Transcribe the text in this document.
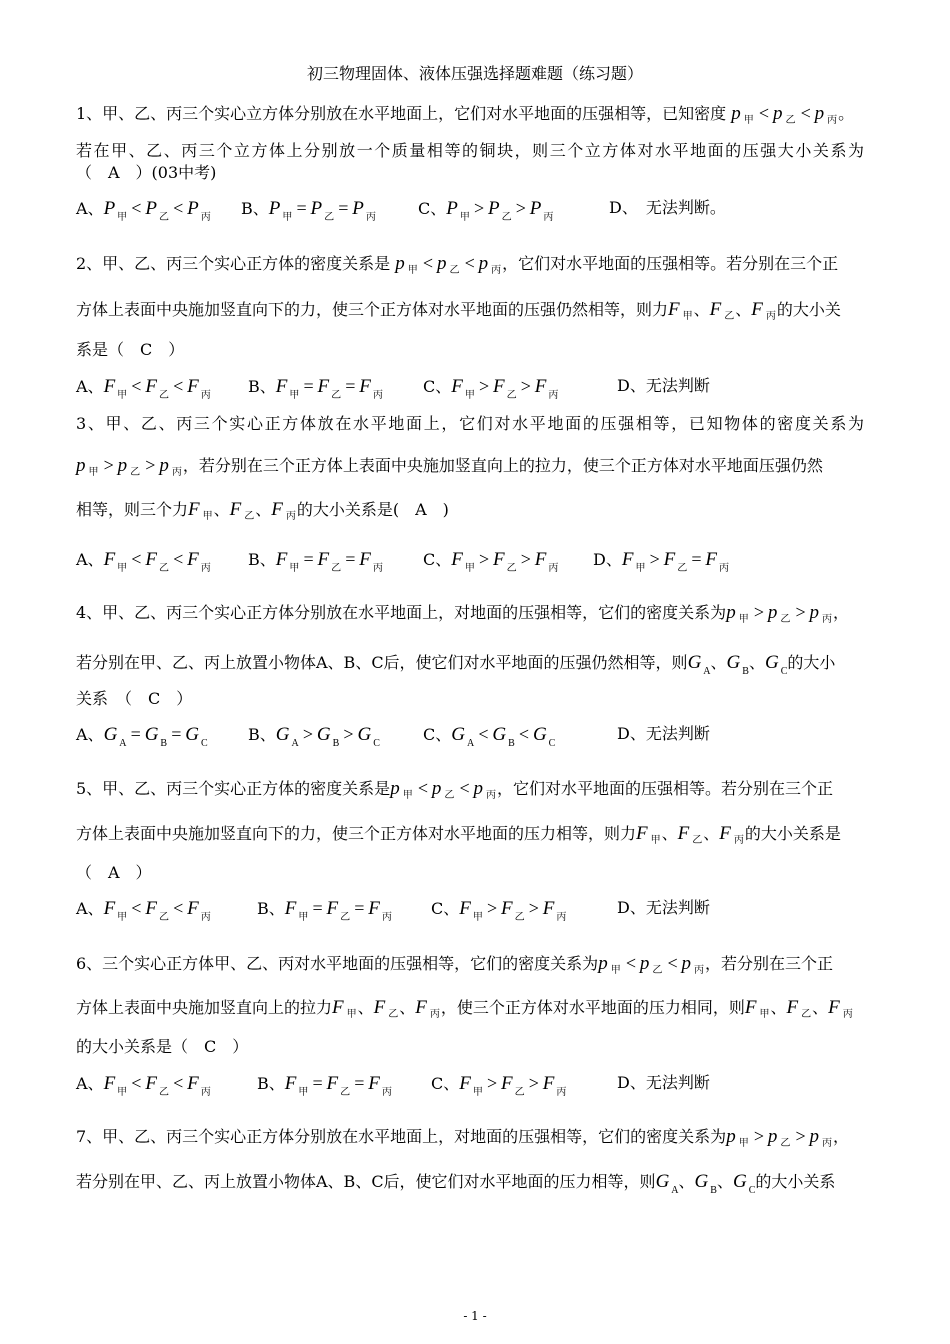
初三物理固体、液体压强选择题难题（练习题）
1、甲、乙、丙三个实心立方体分别放在水平地面上，它们对水平地面的压强相等，已知密度 p $_甲$ < p $_乙$ < p $_丙$。
若在甲、乙、丙三个立方体上分别放一个质量相等的铜块，则三个立方体对水平地面的压强大小关系为
（　A　）(03中考)
A、P $_甲$ < P $_乙$ < P $_丙$ B、P $_甲$ = P $_乙$ = P $_丙$	C、P $_甲$ > P $_乙$ > P $_丙$
D、　无法判断。
2、甲、乙、丙三个实心正方体的密度关系是 p $_甲$ < p $_乙$ < p $_丙$，它们对水平地面的压强相等。若分别在三个正
方体上表面中央施加竖直向下的力，使三个正方体对水平地面的压强仍然相等，则力F $_甲$、F $_乙$、F $_丙$的大小关
系是（　C　）
A、F $_甲$ < F $_乙$ < F $_丙$ B、F $_甲$ = F $_乙$ = F $_丙$	C、F $_甲$ > F $_乙$ > F $_丙$
D、无法判断
3、甲、乙、丙三个实心正方体放在水平地面上，它们对水平地面的压强相等，已知物体的密度关系为
p $_甲$ > p $_乙$ > p $_丙$，若分别在三个正方体上表面中央施加竖直向上的拉力，使三个正方体对水平地面压强仍然
相等，则三个力F $_甲$、F $_乙$、F $_丙$的大小关系是(　A　)
A、F $_甲$ < F $_乙$ < F $_丙$ B、F $_甲$ = F $_乙$ = F $_丙$	C、F $_甲$ > F $_乙$ > F $_丙$ D、F $_甲$ > F $_乙$ = F $_丙$
4、甲、乙、丙三个实心正方体分别放在水平地面上，对地面的压强相等，它们的密度关系为p $_甲$ > p $_乙$ > p $_丙$，
若分别在甲、乙、丙上放置小物体A、B、C后，使它们对水平地面的压强仍然相等，则G $_A$、G $_B$、G $_C$的大小
关系　（　C　）
A、G $_A$ = G $_B$ = G $_C$	B、G $_A$ > G $_B$ > G $_C$	C、G $_A$ < G $_B$ < G $_C$
D、无法判断
5、甲、乙、丙三个实心正方体的密度关系是p $_甲$ < p $_乙$ < p $_丙$，它们对水平地面的压强相等。若分别在三个正
方体上表面中央施加竖直向下的力，使三个正方体对水平地面的压力相等，则力F $_甲$、F $_乙$、F $_丙$的大小关系是
（　A　）
A、F $_甲$ < F $_乙$ < F $_丙$	B、F $_甲$ = F $_乙$ = F $_丙$ C、F $_甲$ > F $_乙$ > F $_丙$
D、无法判断
6、三个实心正方体甲、乙、丙对水平地面的压强相等，它们的密度关系为p $_甲$ < p $_乙$ < p $_丙$，若分别在三个正
方体上表面中央施加竖直向上的拉力F $_甲$、F $_乙$、F $_丙$，使三个正方体对水平地面的压力相同，则F $_甲$、F $_乙$、F $_丙$
的大小关系是（　C　）
A、F $_甲$ < F $_乙$ < F $_丙$	B、F $_甲$ = F $_乙$ = F $_丙$ C、F $_甲$ > F $_乙$ > F $_丙$
D、无法判断
7、甲、乙、丙三个实心正方体分别放在水平地面上，对地面的压强相等，它们的密度关系为p $_甲$ > p $_乙$ > p $_丙$，
若分别在甲、乙、丙上放置小物体A、B、C后，使它们对水平地面的压力相等，则G $_A$、G $_B$、G $_C$的大小关系
- 1 -
